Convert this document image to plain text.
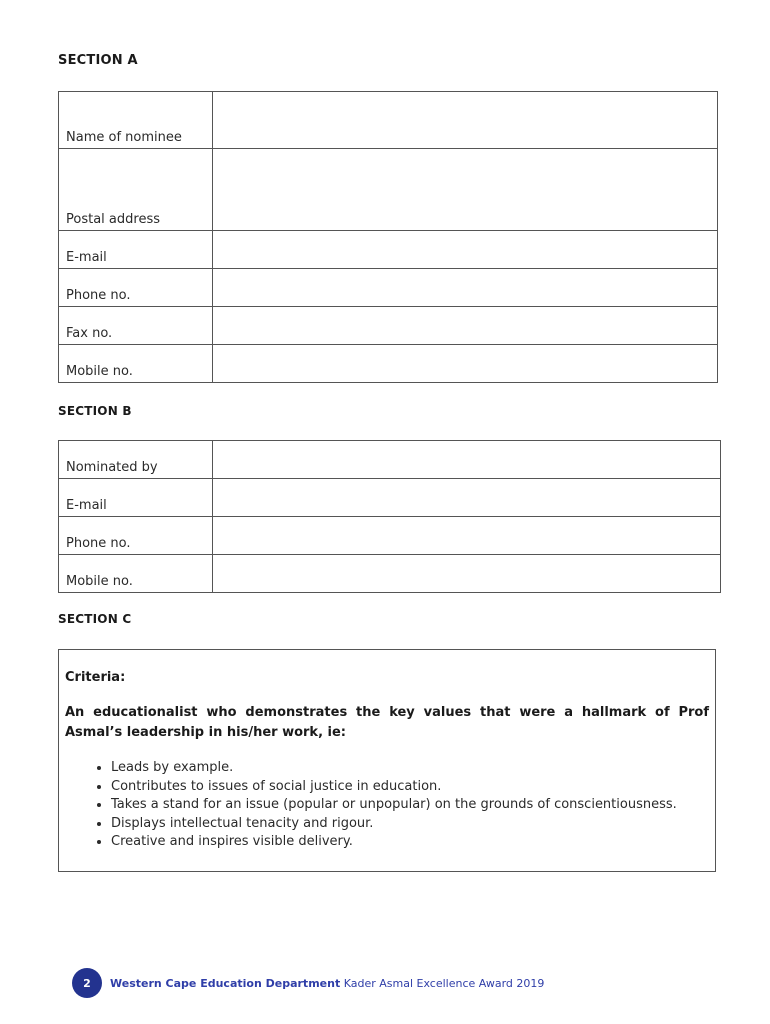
SECTION A
Name of nominee	
Postal address	
E-mail	
Phone no.	
Fax no.	
Mobile no.	
SECTION B
Nominated by	
E-mail	
Phone no.	
Mobile no.	
SECTION C
Criteria:
An educationalist who demonstrates the key values that were a hallmark of Prof Asmal’s leadership in his/her work, ie:
• Leads by example.
• Contributes to issues of social justice in education.
• Takes a stand for an issue (popular or unpopular) on the grounds of conscientiousness.
• Displays intellectual tenacity and rigour.
• Creative and inspires visible delivery.
2	Western Cape Education Department Kader Asmal Excellence Award 2019
